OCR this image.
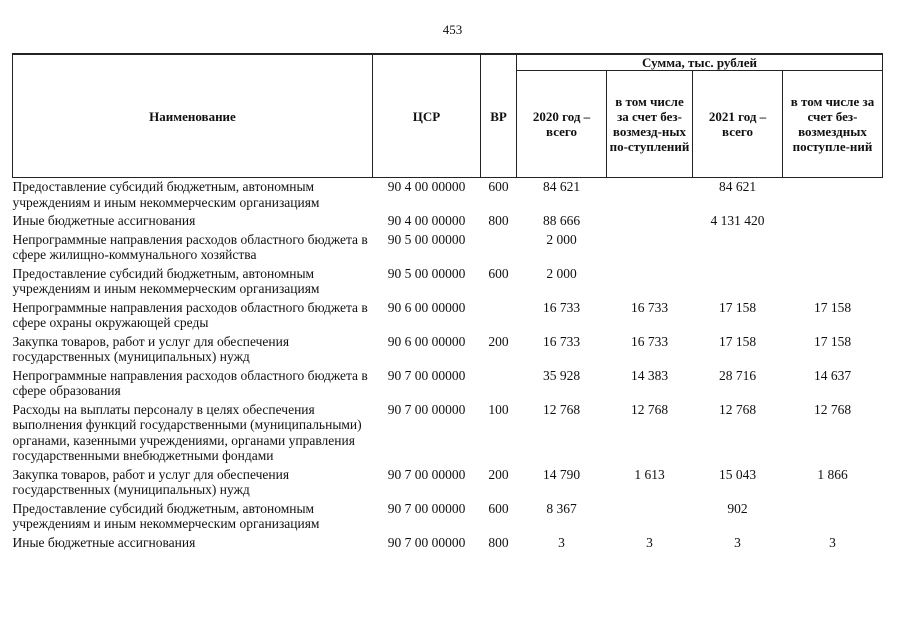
453
Наименование	ЦСР	ВР	Сумма, тыс. рублей			
			2020 год – всего	в том числе за счет без-возмезд-ных по-ступлений	2021 год – всего	в том числе за счет без-возмездных поступле-ний
Предоставление субсидий бюджетным, автономным учреждениям и иным некоммерческим организациям	90 4 00 00000	600	84 621		84 621	
Иные бюджетные ассигнования	90 4 00 00000	800	88 666		4 131 420	
Непрограммные направления расходов областного бюджета в сфере жилищно-коммунального хозяйства	90 5 00 00000		2 000			
Предоставление субсидий бюджетным, автономным учреждениям и иным некоммерческим организациям	90 5 00 00000	600	2 000			
Непрограммные направления расходов областного бюджета в сфере охраны окружающей среды	90 6 00 00000		16 733	16 733	17 158	17 158
Закупка товаров, работ и услуг для обеспечения государственных (муниципальных) нужд	90 6 00 00000	200	16 733	16 733	17 158	17 158
Непрограммные направления расходов областного бюджета в сфере образования	90 7 00 00000		35 928	14 383	28 716	14 637
Расходы на выплаты персоналу в целях обеспечения выполнения функций государственными (муниципальными) органами, казенными учреждениями, органами управления государственными внебюджетными фондами	90 7 00 00000	100	12 768	12 768	12 768	12 768
Закупка товаров, работ и услуг для обеспечения государственных (муниципальных) нужд	90 7 00 00000	200	14 790	1 613	15 043	1 866
Предоставление субсидий бюджетным, автономным учреждениям и иным некоммерческим организациям	90 7 00 00000	600	8 367		902	
Иные бюджетные ассигнования	90 7 00 00000	800	3	3	3	3
